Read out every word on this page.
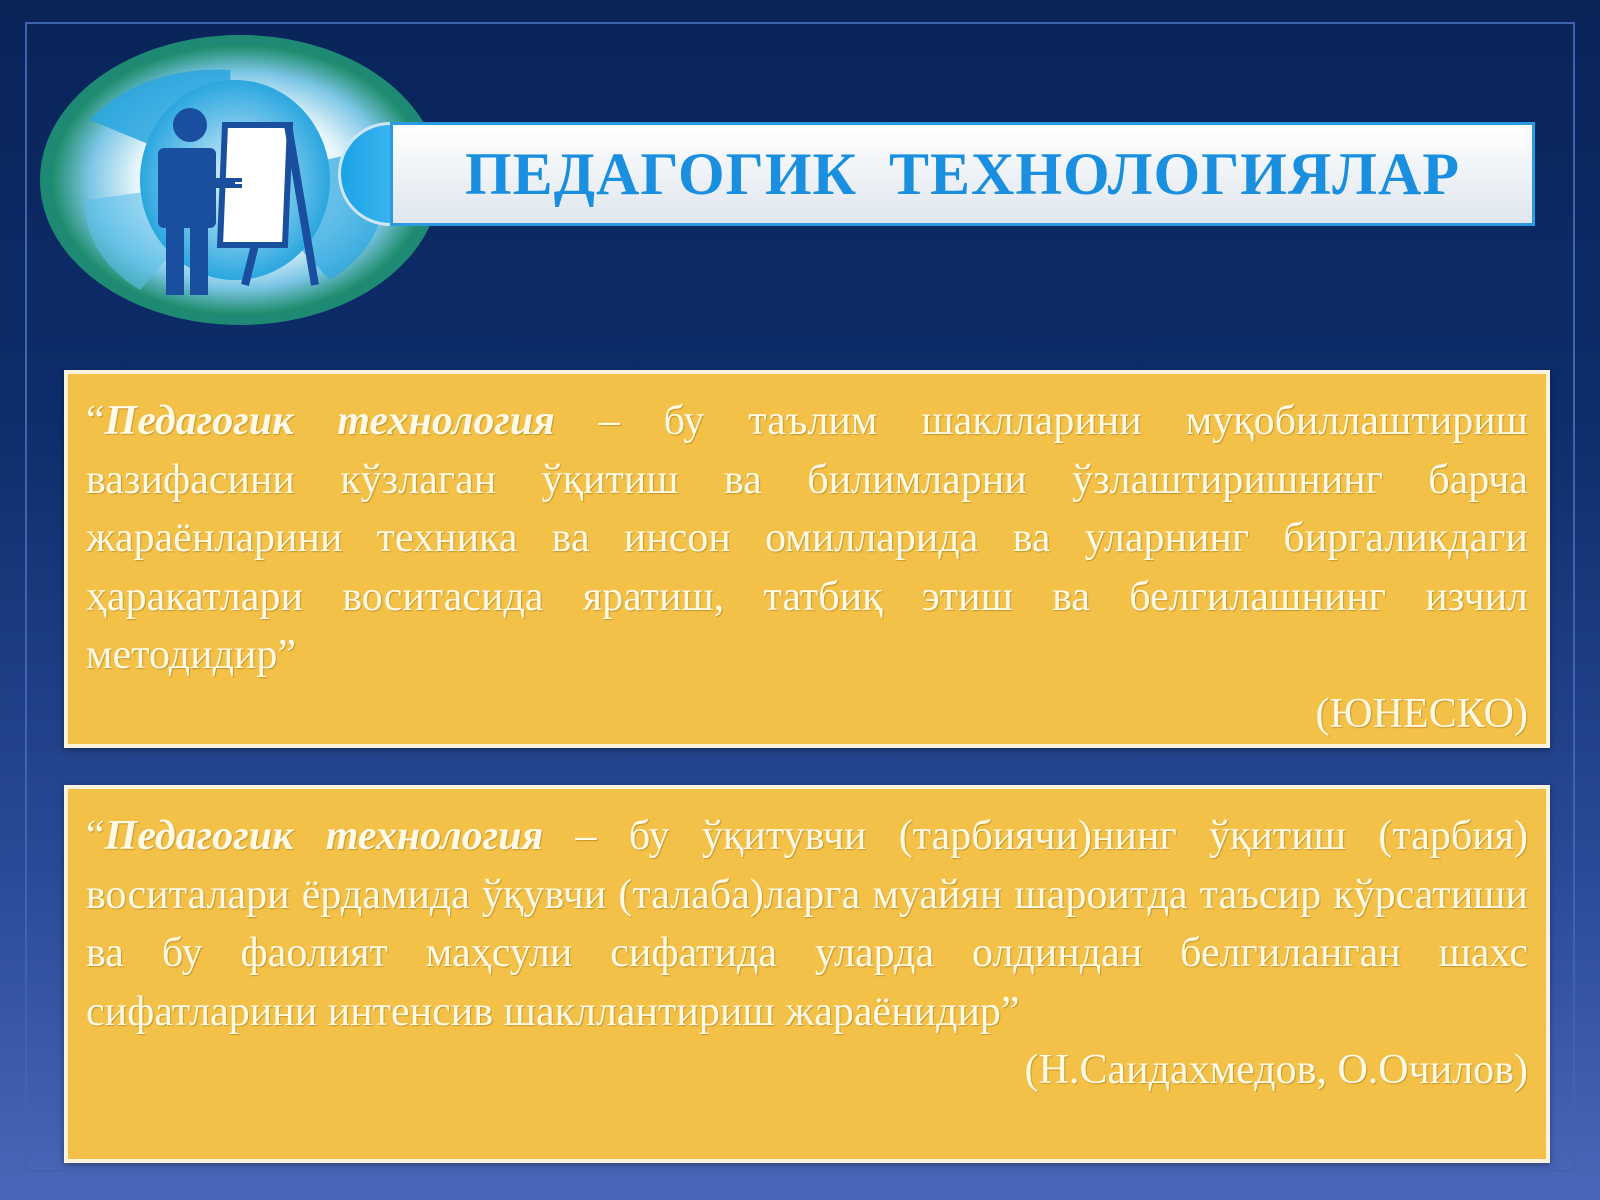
ПЕДАГОГИК  ТЕХНОЛОГИЯЛАР

“Педагогик технология – бу таълим шаклларини муқобиллаштириш вазифасини кўзлаган ўқитиш ва билимларни ўзлаштиришнинг барча жараёнларини техника ва инсон омилларида ва уларнинг биргаликдаги ҳаракатлари воситасида яратиш, татбиқ этиш ва белгилашнинг изчил методидир”

(ЮНЕСКО)

“Педагогик технология – бу ўқитувчи (тарбиячи)нинг ўқитиш (тарбия) воситалари ёрдамида ўқувчи (талаба)ларга муайян шароитда таъсир кўрсатиши ва бу фаолият маҳсули сифатида уларда олдиндан белгиланган шахс сифатларини интенсив шакллантириш жараёнидир”

(Н.Саидахмедов, О.Очилов)
